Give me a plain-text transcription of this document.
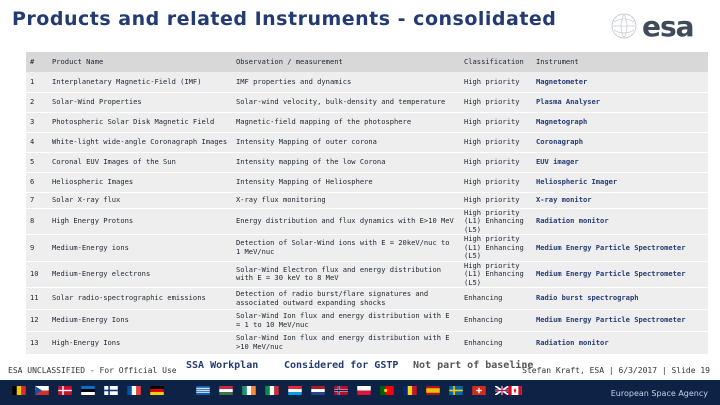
Products and related Instruments - consolidated	esa
#	Product Name	Observation / measurement	Classification	Instrument
1	Interplanetary Magnetic-Field (IMF)	IMF properties and dynamics	High priority	Magnetometer
2	Solar-Wind Properties	Solar-wind velocity, bulk-density and temperature	High priority	Plasma Analyser
3	Photospheric Solar Disk Magnetic Field	Magnetic-field mapping of the photosphere	High priority	Magnetograph
4	White-light wide-angle Coronagraph Images	Intensity Mapping of outer corona	High priority	Coronagraph
5	Coronal EUV Images of the Sun	Intensity mapping of the low Corona	High priority	EUV imager
6	Heliospheric Images	Intensity Mapping of Heliosphere	High priority	Heliospheric Imager
7	Solar X-ray flux	X-ray flux monitoring	High priority	X-ray monitor
8	High Energy Protons	Energy distribution and flux dynamics with E>10 MeV	High priority (L1) Enhancing (L5)	Radiation monitor
9	Medium-Energy ions	Detection of Solar-Wind ions with E = 20keV/nuc to 1 MeV/nuc	High priority (L1) Enhancing (L5)	Medium Energy Particle Spectrometer
10	Medium-Energy electrons	Solar-Wind Electron flux and energy distribution with E = 30 keV to 8 MeV	High priority (L1) Enhancing (L5)	Medium Energy Particle Spectrometer
11	Solar radio-spectrographic emissions	Detection of radio burst/flare signatures and associated outward expanding shocks	Enhancing	Radio burst spectrograph
12	Medium-Energy Ions	Solar-Wind Ion flux and energy distribution with E = 1 to 10 MeV/nuc	Enhancing	Medium Energy Particle Spectrometer
13	High-Energy Ions	Solar-Wind Ion flux and energy distribution with E >10 MeV/nuc	Enhancing	Radiation monitor
ESA UNCLASSIFIED - For Official Use SSA Workplan	Considered for GSTP Not part of baseline
Stefan Kraft, ESA | 6/3/2017 | Slide 19
European Space Agency
